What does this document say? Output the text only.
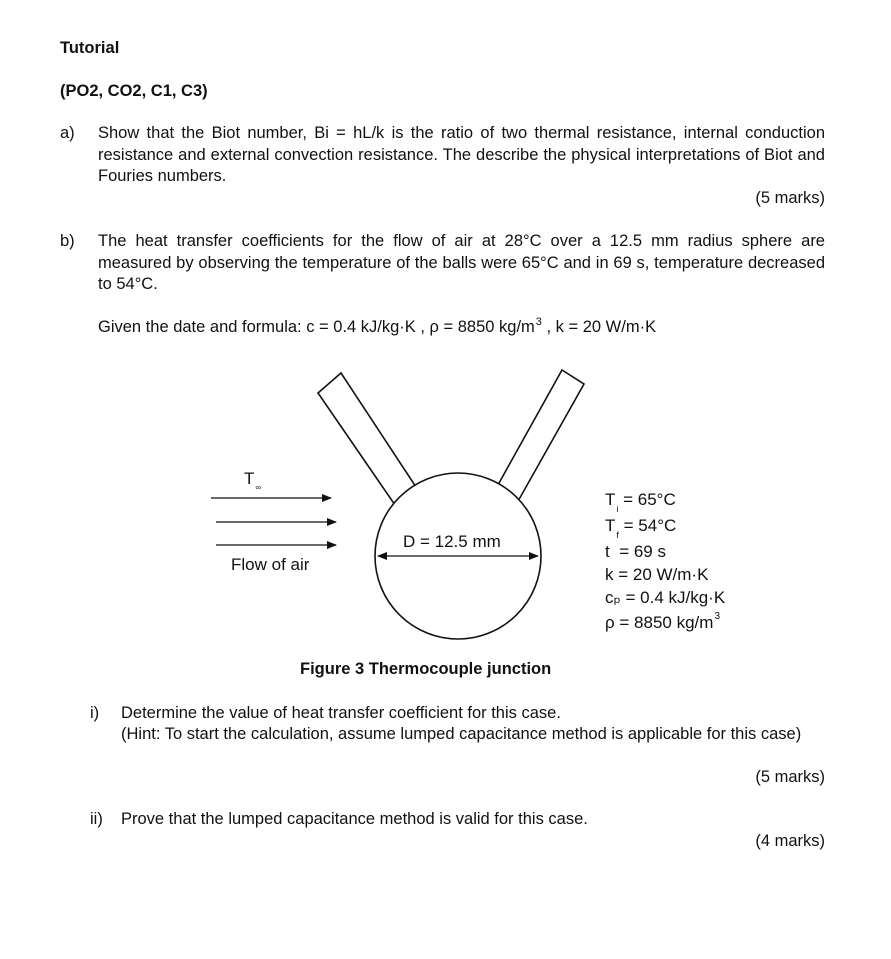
Tutorial
(PO2, CO2, C1, C3)
a) Show that the Biot number, Bi = hL/k is the ratio of two thermal resistance, internal conduction resistance and external convection resistance. The describe the physical interpretations of Biot and Fouries numbers.
(5 marks)
b) The heat transfer coefficients for the flow of air at 28°C over a 12.5 mm radius sphere are measured by observing the temperature of the balls were 65°C and in 69 s, temperature decreased to 54°C.
Given the date and formula: c = 0.4 kJ/kg·K , ρ = 8850 $kg/m^3$ , k = 20 W/m·K
$T_\infty$
Flow of air
D = 12.5 mm
$T_i = 65^\circ C$
$T_f = 54^\circ C$
t = 69 s
k = 20 W/m·K
cₚ = 0.4 kJ/kg·K
ρ = 8850 $kg/m^3$
Figure 3 Thermocouple junction
i) Determine the value of heat transfer coefficient for this case.
(Hint: To start the calculation, assume lumped capacitance method is applicable for this case)
(5 marks)
ii) Prove that the lumped capacitance method is valid for this case.
(4 marks)
